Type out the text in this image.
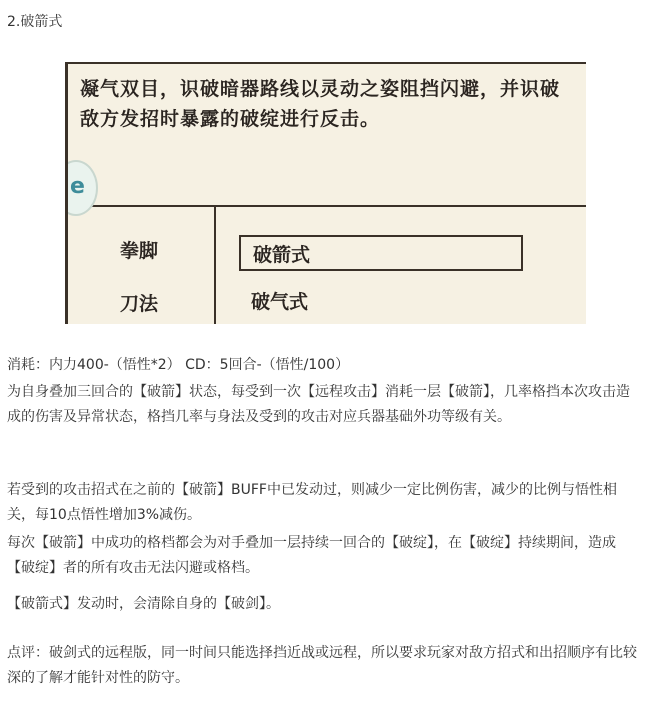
2.破箭式
凝气双目，识破暗器路线以灵动之姿阻挡闪避，并识破敌方发招时暴露的破绽进行反击。
e
拳脚
刀法
破箭式
破气式
消耗：内力400-（悟性*2） CD：5回合-（悟性/100）
为自身叠加三回合的【破箭】状态，每受到一次【远程攻击】消耗一层【破箭】，几率格挡本次攻击造成的伤害及异常状态，格挡几率与身法及受到的攻击对应兵器基础外功等级有关。
若受到的攻击招式在之前的【破箭】BUFF中已发动过，则减少一定比例伤害，减少的比例与悟性相关，每10点悟性增加3%减伤。
每次【破箭】中成功的格档都会为对手叠加一层持续一回合的【破绽】，在【破绽】持续期间，造成【破绽】者的所有攻击无法闪避或格档。
【破箭式】发动时，会清除自身的【破剑】。
点评：破剑式的远程版，同一时间只能选择挡近战或远程，所以要求玩家对敌方招式和出招顺序有比较深的了解才能针对性的防守。
